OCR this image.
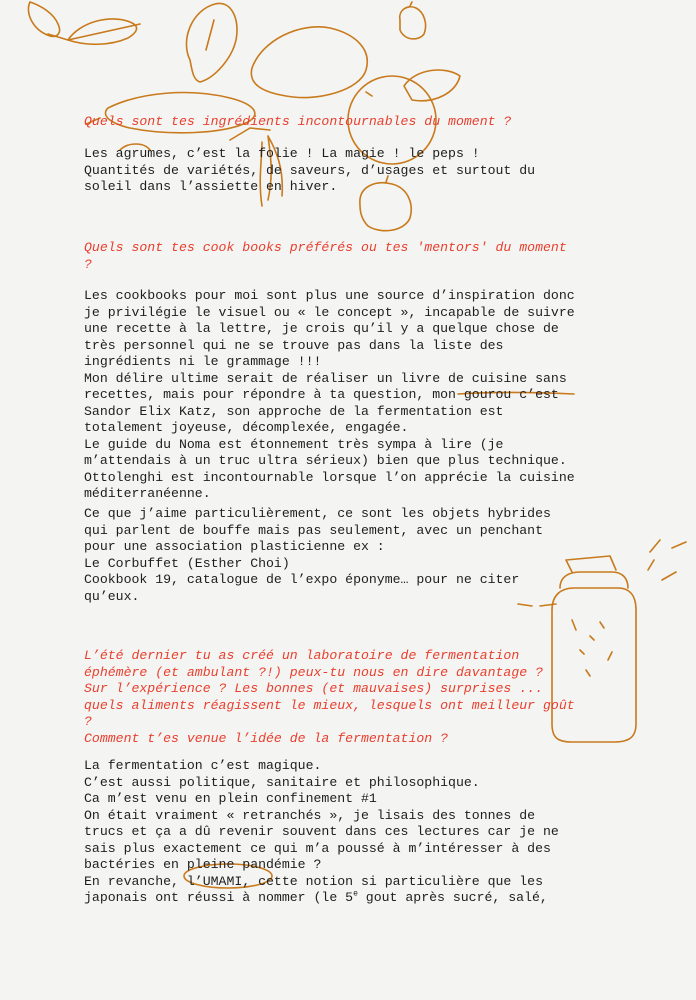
Quels sont tes ingrédients incontournables du moment ?
Les agrumes, c’est la folie ! La magie ! le peps !
Quantités de variétés, de saveurs, d’usages et surtout du
soleil dans l’assiette en hiver.
Quels sont tes cook books préférés ou tes 'mentors' du moment
?
Les cookbooks pour moi sont plus une source d’inspiration donc
je privilégie le visuel ou « le concept », incapable de suivre
une recette à la lettre, je crois qu’il y a quelque chose de
très personnel qui ne se trouve pas dans la liste des
ingrédients ni le grammage !!!
Mon délire ultime serait de réaliser un livre de cuisine sans
recettes, mais pour répondre à ta question, mon gourou c’est
Sandor Elix Katz, son approche de la fermentation est
totalement joyeuse, décomplexée, engagée.
Le guide du Noma est étonnement très sympa à lire (je
m’attendais à un truc ultra sérieux) bien que plus technique.
Ottolenghi est incontournable lorsque l’on apprécie la cuisine
méditerranéenne.
Ce que j’aime particulièrement, ce sont les objets hybrides
qui parlent de bouffe mais pas seulement, avec un penchant
pour une association plasticienne ex :
Le Corbuffet (Esther Choi)
Cookbook 19, catalogue de l’expo éponyme… pour ne citer
qu’eux.
L’été dernier tu as créé un laboratoire de fermentation
éphémère (et ambulant ?!) peux-tu nous en dire davantage ?
Sur l’expérience ? Les bonnes (et mauvaises) surprises ...
quels aliments réagissent le mieux, lesquels ont meilleur goût
?
Comment t’es venue l’idée de la fermentation ?
La fermentation c’est magique.
C’est aussi politique, sanitaire et philosophique.
Ca m’est venu en plein confinement #1
On était vraiment « retranchés », je lisais des tonnes de
trucs et ça a dû revenir souvent dans ces lectures car je ne
sais plus exactement ce qui m’a poussé à m’intéresser à des
bactéries en pleine pandémie ?
En revanche, l’UMAMI, cette notion si particulière que les
japonais ont réussi à nommer (le 5e gout après sucré, salé,
